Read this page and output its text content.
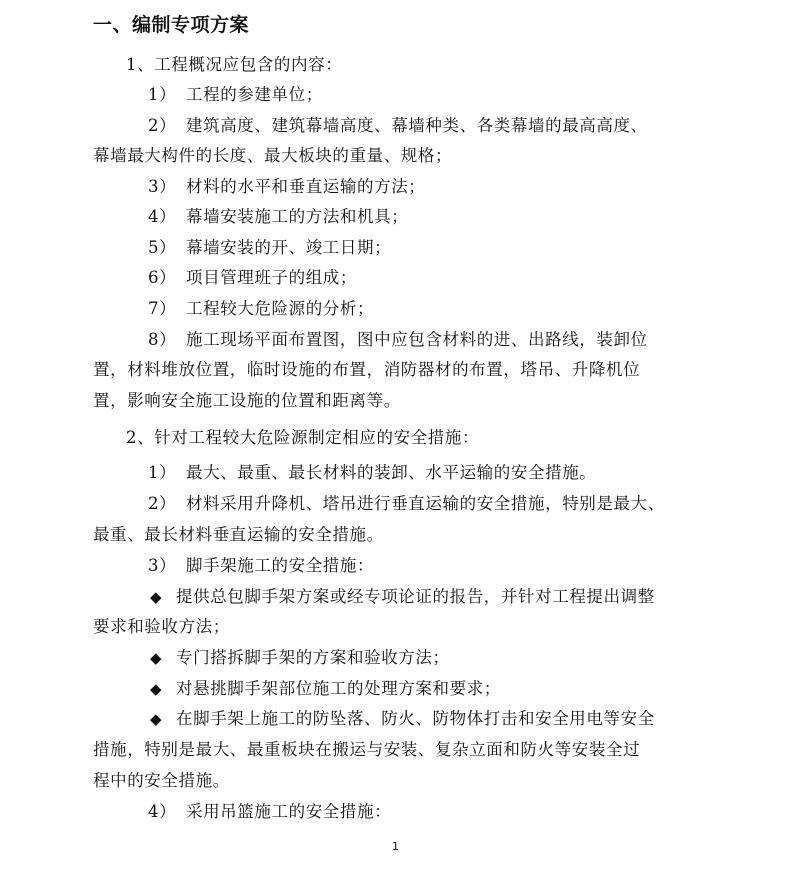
一、编制专项方案
1、工程概况应包含的内容：
1） 工程的参建单位；
2） 建筑高度、建筑幕墙高度、幕墙种类、各类幕墙的最高高度、
幕墙最大构件的长度、最大板块的重量、规格；
3） 材料的水平和垂直运输的方法；
4） 幕墙安装施工的方法和机具；
5） 幕墙安装的开、竣工日期；
6） 项目管理班子的组成；
7） 工程较大危险源的分析；
8） 施工现场平面布置图，图中应包含材料的进、出路线，装卸位
置，材料堆放位置，临时设施的布置，消防器材的布置，塔吊、升降机位
置，影响安全施工设施的位置和距离等。
2、针对工程较大危险源制定相应的安全措施：
1） 最大、最重、最长材料的装卸、水平运输的安全措施。
2） 材料采用升降机、塔吊进行垂直运输的安全措施，特别是最大、
最重、最长材料垂直运输的安全措施。
3） 脚手架施工的安全措施：
◆ 提供总包脚手架方案或经专项论证的报告，并针对工程提出调整
要求和验收方法；
◆ 专门搭拆脚手架的方案和验收方法；
◆ 对悬挑脚手架部位施工的处理方案和要求；
◆ 在脚手架上施工的防坠落、防火、防物体打击和安全用电等安全
措施，特别是最大、最重板块在搬运与安装、复杂立面和防火等安装全过
程中的安全措施。
4） 采用吊篮施工的安全措施：
1
